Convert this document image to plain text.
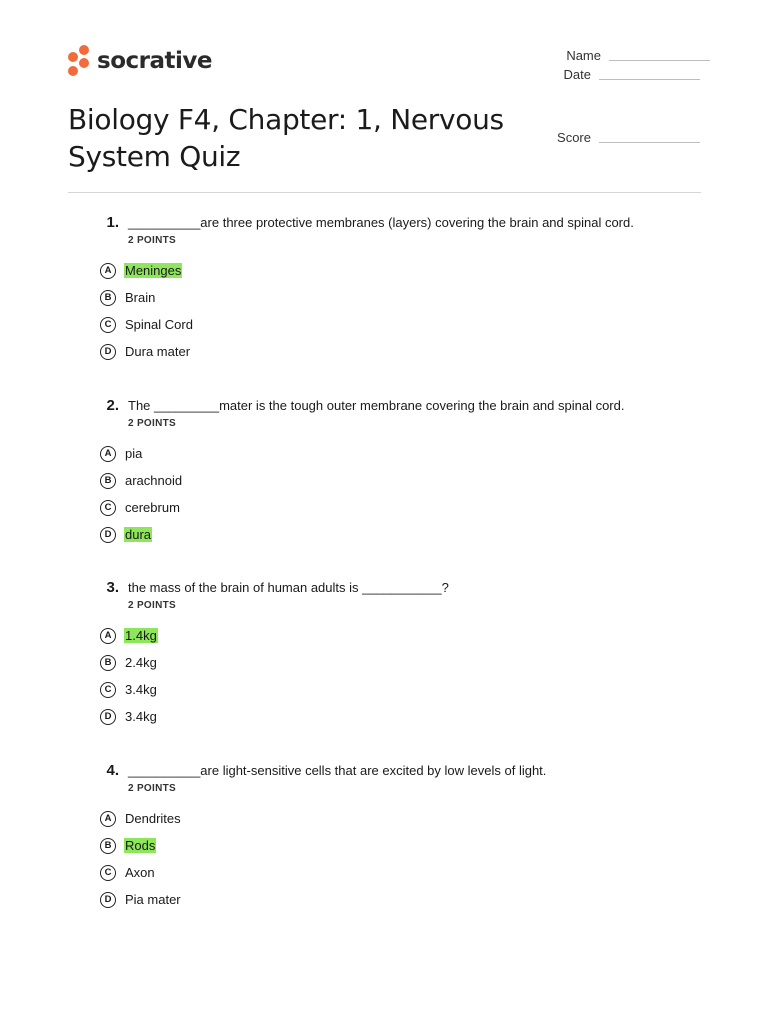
socrative	Name
Date
Score
Biology F4, Chapter: 1, Nervous System Quiz
1. __________are three protective membranes (layers) covering the brain and spinal cord.
2 POINTS
A	Meninges
B	Brain
C	Spinal Cord
D	Dura mater
2. The _________mater is the tough outer membrane covering the brain and spinal cord.
2 POINTS
A	pia
B	arachnoid
C	cerebrum
D	dura
3. the mass of the brain of human adults is ___________?
2 POINTS
A	1.4kg
B	2.4kg
C	3.4kg
D	3.4kg
4. __________are light-sensitive cells that are excited by low levels of light.
2 POINTS
A	Dendrites
B	Rods
C	Axon
D	Pia mater
